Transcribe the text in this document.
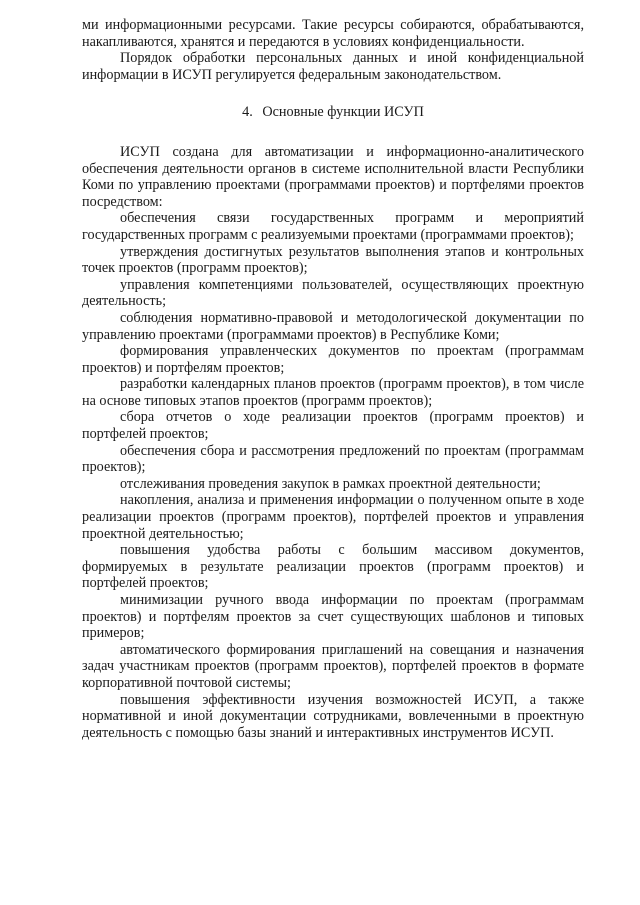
ми информационными ресурсами. Такие ресурсы собираются, обрабатываются, накапливаются, хранятся и передаются в условиях конфиденциальности.

Порядок обработки персональных данных и иной конфиденциальной информации в ИСУП регулируется федеральным законодательством.

4. Основные функции ИСУП

ИСУП создана для автоматизации и информационно-аналитического обеспечения деятельности органов в системе исполнительной власти Республики Коми по управлению проектами (программами проектов) и портфелями проектов посредством:

обеспечения связи государственных программ и мероприятий государственных программ с реализуемыми проектами (программами проектов);

утверждения достигнутых результатов выполнения этапов и контрольных точек проектов (программ проектов);

управления компетенциями пользователей, осуществляющих проектную деятельность;

соблюдения нормативно-правовой и методологической документации по управлению проектами (программами проектов) в Республике Коми;

формирования управленческих документов по проектам (программам проектов) и портфелям проектов;

разработки календарных планов проектов (программ проектов), в том числе на основе типовых этапов проектов (программ проектов);

сбора отчетов о ходе реализации проектов (программ проектов) и портфелей проектов;

обеспечения сбора и рассмотрения предложений по проектам (программам проектов);

отслеживания проведения закупок в рамках проектной деятельности;

накопления, анализа и применения информации о полученном опыте в ходе реализации проектов (программ проектов), портфелей проектов и управления проектной деятельностью;

повышения удобства работы с большим массивом документов, формируемых в результате реализации проектов (программ проектов) и портфелей проектов;

минимизации ручного ввода информации по проектам (программам проектов) и портфелям проектов за счет существующих шаблонов и типовых примеров;

автоматического формирования приглашений на совещания и назначения задач участникам проектов (программ проектов), портфелей проектов в формате корпоративной почтовой системы;

повышения эффективности изучения возможностей ИСУП, а также нормативной и иной документации сотрудниками, вовлеченными в проектную деятельность с помощью базы знаний и интерактивных инструментов ИСУП.
